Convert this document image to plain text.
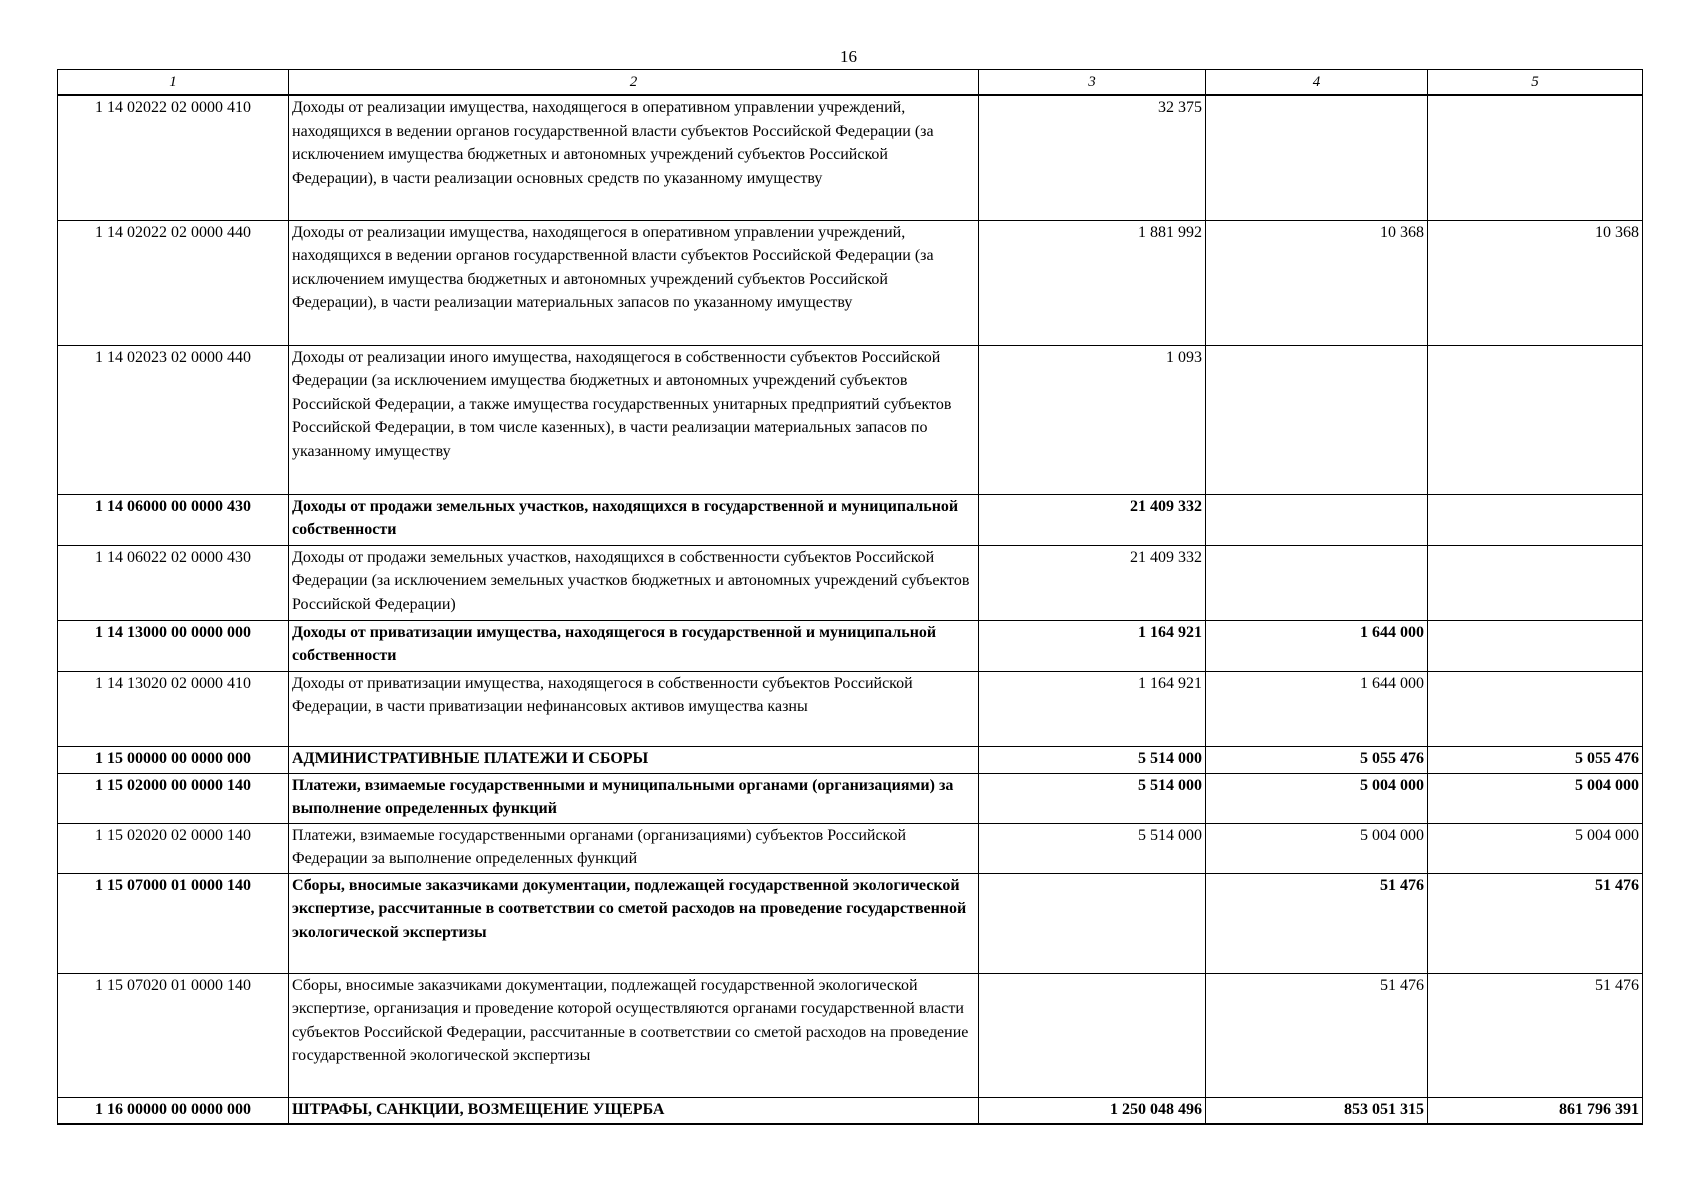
16
1	2	3	4	5
1 14 02022 02 0000 410	Доходы от реализации имущества, находящегося в оперативном управлении учреждений, находящихся в ведении органов государственной власти субъектов Российской Федерации (за исключением имущества бюджетных и автономных учреждений субъектов Российской Федерации), в части реализации основных средств по указанному имуществу	32 375		
1 14 02022 02 0000 440	Доходы от реализации имущества, находящегося в оперативном управлении учреждений, находящихся в ведении органов государственной власти субъектов Российской Федерации (за исключением имущества бюджетных и автономных учреждений субъектов Российской Федерации), в части реализации материальных запасов по указанному имуществу	1 881 992	10 368	10 368
1 14 02023 02 0000 440	Доходы от реализации иного имущества, находящегося в собственности субъектов Российской Федерации (за исключением имущества бюджетных и автономных учреждений субъектов Российской Федерации, а также имущества государственных унитарных предприятий субъектов Российской Федерации, в том числе казенных), в части реализации материальных запасов по указанному имуществу	1 093		
1 14 06000 00 0000 430	Доходы от продажи земельных участков, находящихся в государственной и муниципальной собственности	21 409 332		
1 14 06022 02 0000 430	Доходы от продажи земельных участков, находящихся в собственности субъектов Российской Федерации (за исключением земельных участков бюджетных и автономных учреждений субъектов Российской Федерации)	21 409 332		
1 14 13000 00 0000 000	Доходы от приватизации имущества, находящегося в государственной и муниципальной собственности	1 164 921	1 644 000	
1 14 13020 02 0000 410	Доходы от приватизации имущества, находящегося в собственности субъектов Российской Федерации, в части приватизации нефинансовых активов имущества казны	1 164 921	1 644 000	
1 15 00000 00 0000 000	АДМИНИСТРАТИВНЫЕ ПЛАТЕЖИ И СБОРЫ	5 514 000	5 055 476	5 055 476
1 15 02000 00 0000 140	Платежи, взимаемые государственными и муниципальными органами (организациями) за выполнение определенных функций	5 514 000	5 004 000	5 004 000
1 15 02020 02 0000 140	Платежи, взимаемые государственными органами (организациями) субъектов Российской Федерации за выполнение определенных функций	5 514 000	5 004 000	5 004 000
1 15 07000 01 0000 140	Сборы, вносимые заказчиками документации, подлежащей государственной экологической экспертизе, рассчитанные в соответствии со сметой расходов на проведение государственной экологической экспертизы		51 476	51 476
1 15 07020 01 0000 140	Сборы, вносимые заказчиками документации, подлежащей государственной экологической экспертизе, организация и проведение которой осуществляются органами государственной власти субъектов Российской Федерации, рассчитанные в соответствии со сметой расходов на проведение государственной экологической экспертизы		51 476	51 476
1 16 00000 00 0000 000	ШТРАФЫ, САНКЦИИ, ВОЗМЕЩЕНИЕ УЩЕРБА	1 250 048 496	853 051 315	861 796 391
